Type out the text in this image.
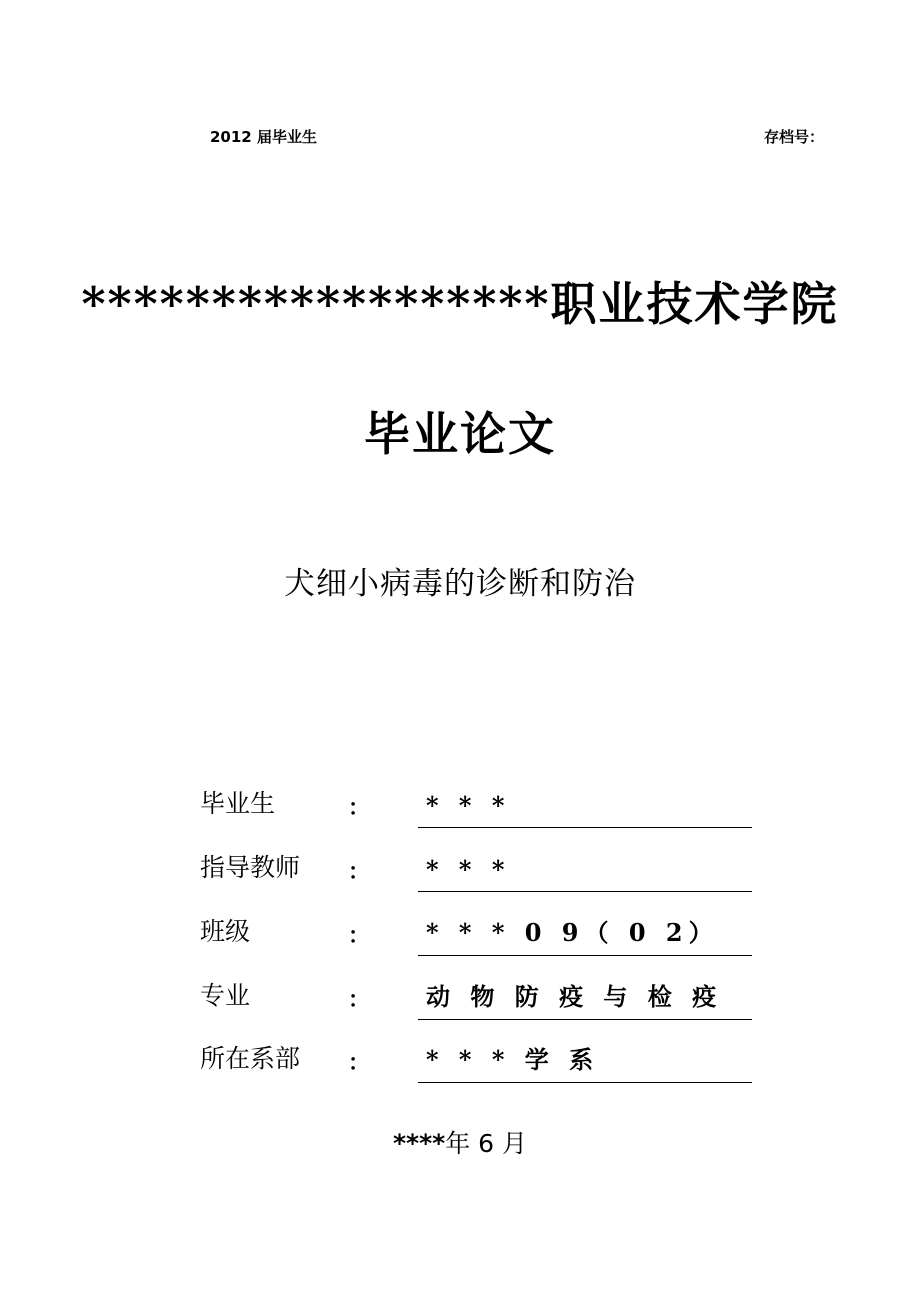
2012 届毕业生	存档号：
******************职业技术学院
毕业论文
犬细小病毒的诊断和防治
毕业生	： * * *
指导教师 ： * * *
班级	： * * * 0 9（ 0 2）
专业	： 动 物 防 疫 与 检 疫
所在系部 ： * * * 学 系
****年 6 月
